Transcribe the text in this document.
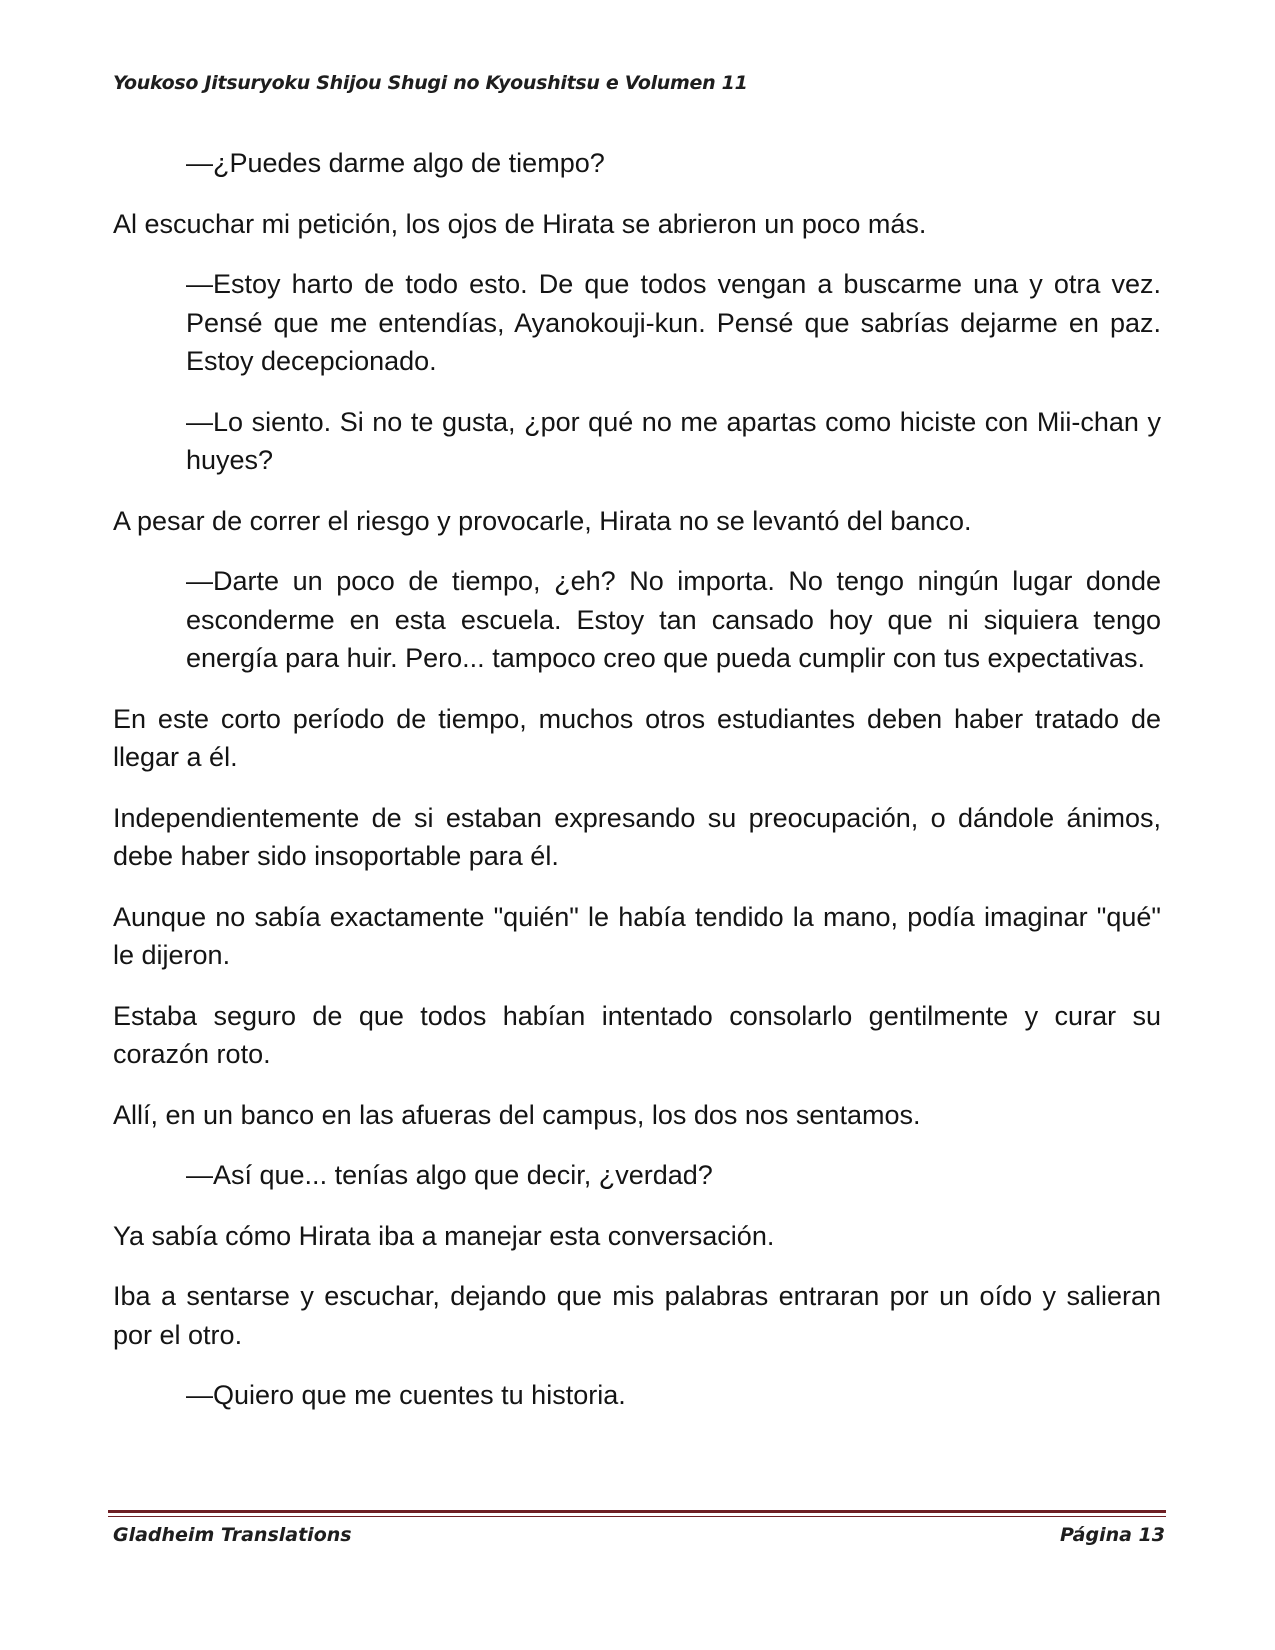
Youkoso Jitsuryoku Shijou Shugi no Kyoushitsu e Volumen 11

—¿Puedes darme algo de tiempo?

Al escuchar mi petición, los ojos de Hirata se abrieron un poco más.

—Estoy harto de todo esto. De que todos vengan a buscarme una y otra vez. Pensé que me entendías, Ayanokouji-kun. Pensé que sabrías dejarme en paz. Estoy decepcionado.

—Lo siento. Si no te gusta, ¿por qué no me apartas como hiciste con Mii-chan y huyes?

A pesar de correr el riesgo y provocarle, Hirata no se levantó del banco.

—Darte un poco de tiempo, ¿eh? No importa. No tengo ningún lugar donde esconderme en esta escuela. Estoy tan cansado hoy que ni siquiera tengo energía para huir. Pero... tampoco creo que pueda cumplir con tus expectativas.

En este corto período de tiempo, muchos otros estudiantes deben haber tratado de llegar a él.

Independientemente de si estaban expresando su preocupación, o dándole ánimos, debe haber sido insoportable para él.

Aunque no sabía exactamente "quién" le había tendido la mano, podía imaginar "qué" le dijeron.

Estaba seguro de que todos habían intentado consolarlo gentilmente y curar su corazón roto.

Allí, en un banco en las afueras del campus, los dos nos sentamos.

—Así que... tenías algo que decir, ¿verdad?

Ya sabía cómo Hirata iba a manejar esta conversación.

Iba a sentarse y escuchar, dejando que mis palabras entraran por un oído y salieran por el otro.

—Quiero que me cuentes tu historia.

Gladheim Translations	Página 13
